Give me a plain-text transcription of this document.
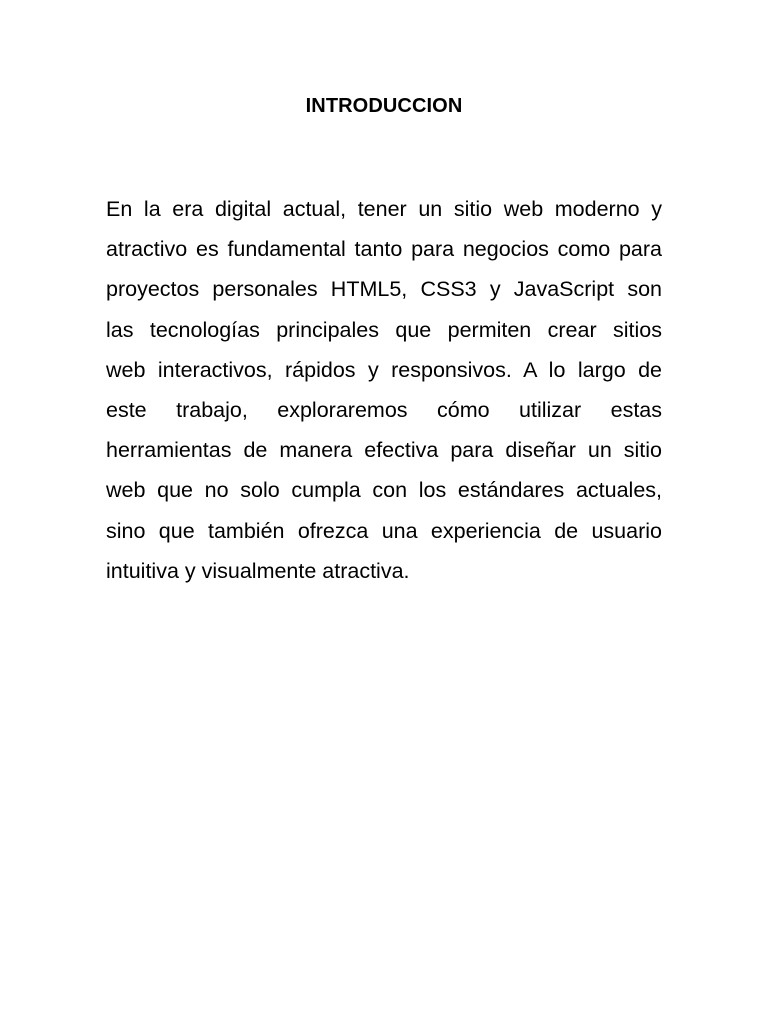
INTRODUCCION
En la era digital actual, tener un sitio web moderno y
atractivo es fundamental tanto para negocios como para
proyectos personales HTML5, CSS3 y JavaScript son
las tecnologías principales que permiten crear sitios
web interactivos, rápidos y responsivos. A lo largo de
este trabajo, exploraremos cómo utilizar estas
herramientas de manera efectiva para diseñar un sitio
web que no solo cumpla con los estándares actuales,
sino que también ofrezca una experiencia de usuario
intuitiva y visualmente atractiva.
